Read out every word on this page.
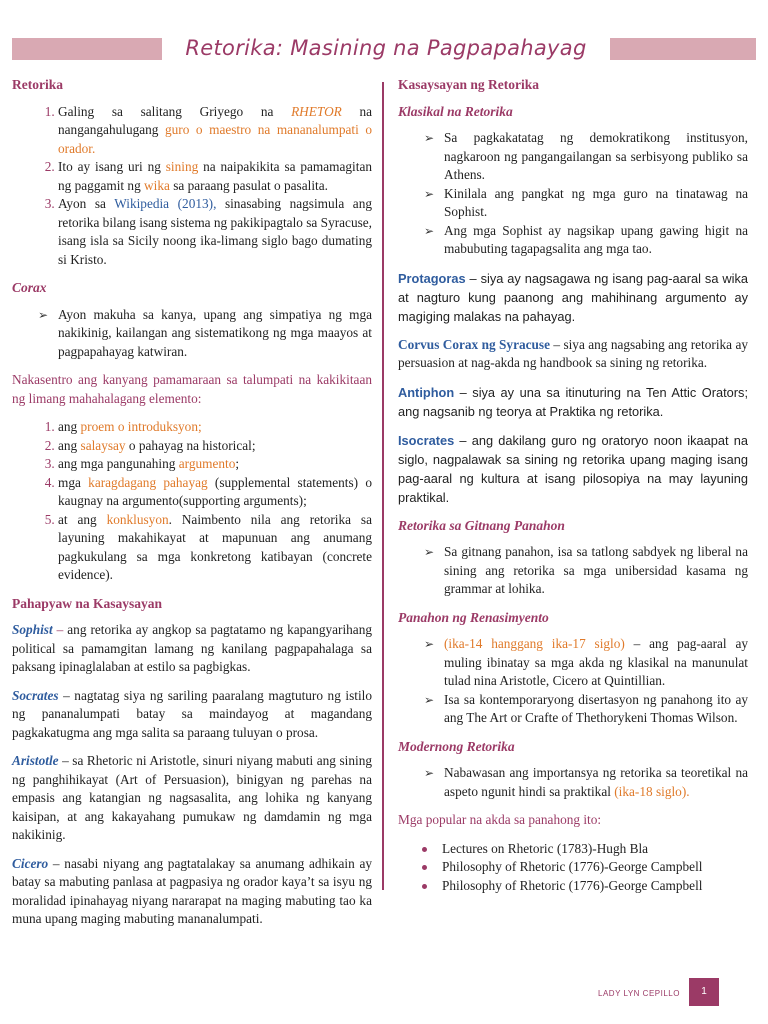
Retorika: Masining na Pagpapahayag
Retorika
1. Galing sa salitang Griyego na RHETOR na nangangahulugang guro o maestro na mananalumpati o orador.
2. Ito ay isang uri ng sining na naipakikita sa pamamagitan ng paggamit ng wika sa paraang pasulat o pasalita.
3. Ayon sa Wikipedia (2013), sinasabing nagsimula ang retorika bilang isang sistema ng pakikipagtalo sa Syracuse, isang isla sa Sicily noong ika-limang siglo bago dumating si Kristo.
Corax
➢ Ayon makuha sa kanya, upang ang simpatiya ng mga nakikinig, kailangan ang sistematikong ng mga maayos at pagpapahayag katwiran.

Nakasentro ang kanyang pamamaraan sa talumpati na kakikitaan ng limang mahahalagang elemento:

1. ang proem o introduksyon;
2. ang salaysay o pahayag na historical;
3. ang mga pangunahing argumento;
4. mga karagdagang pahayag (supplemental statements) o kaugnay na argumento(supporting arguments);
5. at ang konklusyon. Naimbento nila ang retorika sa layuning makahikayat at mapunuan ang anumang pagkukulang sa mga konkretong katibayan (concrete evidence).
Pahapyaw na Kasaysayan

Sophist – ang retorika ay angkop sa pagtatamo ng kapangyarihang political sa pamamgitan lamang ng kanilang pagpapahalaga sa paksang ipinaglalaban at estilo sa pagbigkas.

Socrates – nagtatag siya ng sariling paaralang magtuturo ng istilo ng pananalumpati batay sa maindayog at magandang pagkakatugma ang mga salita sa paraang tuluyan o prosa.

Aristotle – sa Rhetoric ni Aristotle, sinuri niyang mabuti ang sining ng panghihikayat (Art of Persuasion), binigyan ng parehas na empasis ang katangian ng nagsasalita, ang lohika ng kanyang kaisipan, at ang kakayahang pumukaw ng damdamin ng mga nakikinig.

Cicero – nasabi niyang ang pagtatalakay sa anumang adhikain ay batay sa mabuting panlasa at pagpasiya ng orador kaya’t sa isyu ng moralidad ipinahayag niyang nararapat na maging mabuting tao ka muna upang maging mabuting mananalumpati.

Kasaysayan ng Retorika
Klasikal na Retorika
➢ Sa pagkakatatag ng demokratikong institusyon, nagkaroon ng pangangailangan sa serbisyong publiko sa Athens.
➢ Kinilala ang pangkat ng mga guro na tinatawag na Sophist.
➢ Ang mga Sophist ay nagsikap upang gawing higit na mabubuting tagapagsalita ang mga tao.

Protagoras – siya ay nagsagawa ng isang pag-aaral sa wika at nagturo kung paanong ang mahihinang argumento ay magiging malakas na pahayag.

Corvus Corax ng Syracuse – siya ang nagsabing ang retorika ay persuasion at nag-akda ng handbook sa sining ng retorika.

Antiphon – siya ay una sa itinuturing na Ten Attic Orators; ang nagsanib ng teorya at Praktika ng retorika.

Isocrates – ang dakilang guro ng oratoryo noon ikaapat na siglo, nagpalawak sa sining ng retorika upang maging isang pag-aaral ng kultura at isang pilosopiya na may layuning praktikal.

Retorika sa Gitnang Panahon
➢ Sa gitnang panahon, isa sa tatlong sabdyek ng liberal na sining ang retorika sa mga unibersidad kasama ng grammar at lohika.
Panahon ng Renasimyento
➢ (ika-14 hanggang ika-17 siglo) – ang pag-aaral ay muling ibinatay sa mga akda ng klasikal na manunulat tulad nina Aristotle, Cicero at Quintillian.
➢ Isa sa kontemporaryong disertasyon ng panahong ito ay ang The Art or Crafte of Thethorykeni Thomas Wilson.
Modernong Retorika
➢ Nabawasan ang importansya ng retorika sa teoretikal na aspeto ngunit hindi sa praktikal (ika-18 siglo).

Mga popular na akda sa panahong ito:

Lectures on Rhetoric (1783)-Hugh Bla
Philosophy of Rhetoric (1776)-George Campbell
Philosophy of Rhetoric (1776)-George Campbell
LADY LYN CEPILLO	1
